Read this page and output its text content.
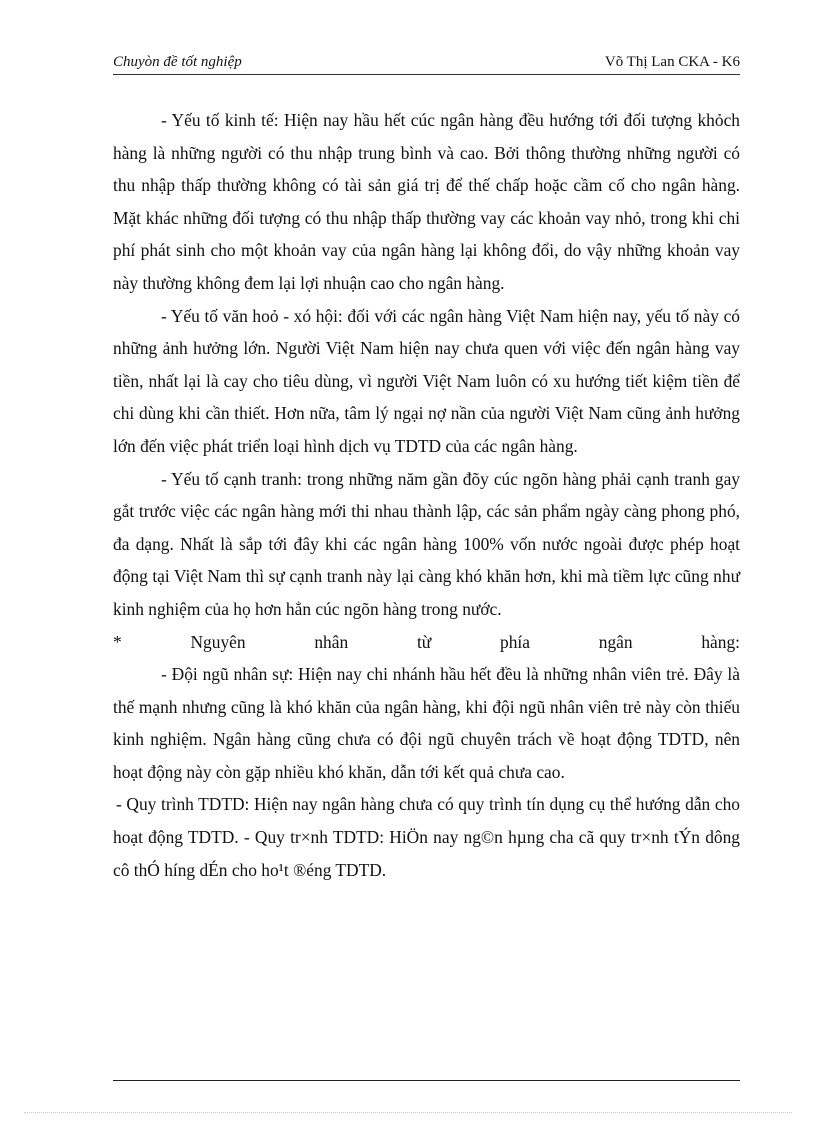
Chuyòn đề tốt nghiệp	Võ Thị Lan CKA - K6

- Yếu tố kinh tế: Hiện nay hầu hết cúc ngân hàng đều hướng tới đối tượng khỏch hàng là những người có thu nhập trung bình và cao. Bởi thông thường những người có thu nhập thấp thường không có tài sản giá trị để thế chấp hoặc cầm cố cho ngân hàng. Mặt khác những đối tượng có thu nhập thấp thường vay các khoản vay nhỏ, trong khi chi phí phát sinh cho một khoản vay của ngân hàng lại không đổi, do vậy những khoản vay này thường không đem lại lợi nhuận cao cho ngân hàng.

- Yếu tố văn hoỏ - xó hội: đối với các ngân hàng Việt Nam hiện nay, yếu tố này có những ảnh hưởng lớn. Người Việt Nam hiện nay chưa quen với việc đến ngân hàng vay tiền, nhất lại là cay cho tiêu dùng, vì người Việt Nam luôn có xu hướng tiết kiệm tiền để chi dùng khi cần thiết. Hơn nữa, tâm lý ngại nợ nần của người Việt Nam cũng ảnh hưởng lớn đến việc phát triển loại hình dịch vụ TDTD của các ngân hàng.

- Yếu tố cạnh tranh: trong những năm gần đõy cúc ngõn hàng phải cạnh tranh gay gắt trước việc các ngân hàng mới thi nhau thành lập, các sản phẩm ngày càng phong phó, đa dạng. Nhất là sắp tới đây khi các ngân hàng 100% vốn nước ngoài được phép hoạt động tại Việt Nam thì sự cạnh tranh này lại càng khó khăn hơn, khi mà tiềm lực cũng như kinh nghiệm của họ hơn hẳn cúc ngõn hàng trong nước.

* Nguyên nhân từ phía ngân hàng:

- Đội ngũ nhân sự: Hiện nay chi nhánh hầu hết đều là những nhân viên trẻ. Đây là thế mạnh nhưng cũng là khó khăn của ngân hàng, khi đội ngũ nhân viên trẻ này còn thiếu kinh nghiệm. Ngân hàng cũng chưa có đội ngũ chuyên trách về hoạt động TDTD, nên hoạt động này còn gặp nhiều khó khăn, dẫn tới kết quả chưa cao.

- Quy trình TDTD: Hiện nay ngân hàng chưa có quy trình tín dụng cụ thể hướng dẫn cho hoạt động TDTD. - Quy tr×nh TDTD: HiÖn nay ng©n hµng cha cã quy tr×nh tÝn dông cô thÓ híng dÉn cho ho¹t ®éng TDTD.
